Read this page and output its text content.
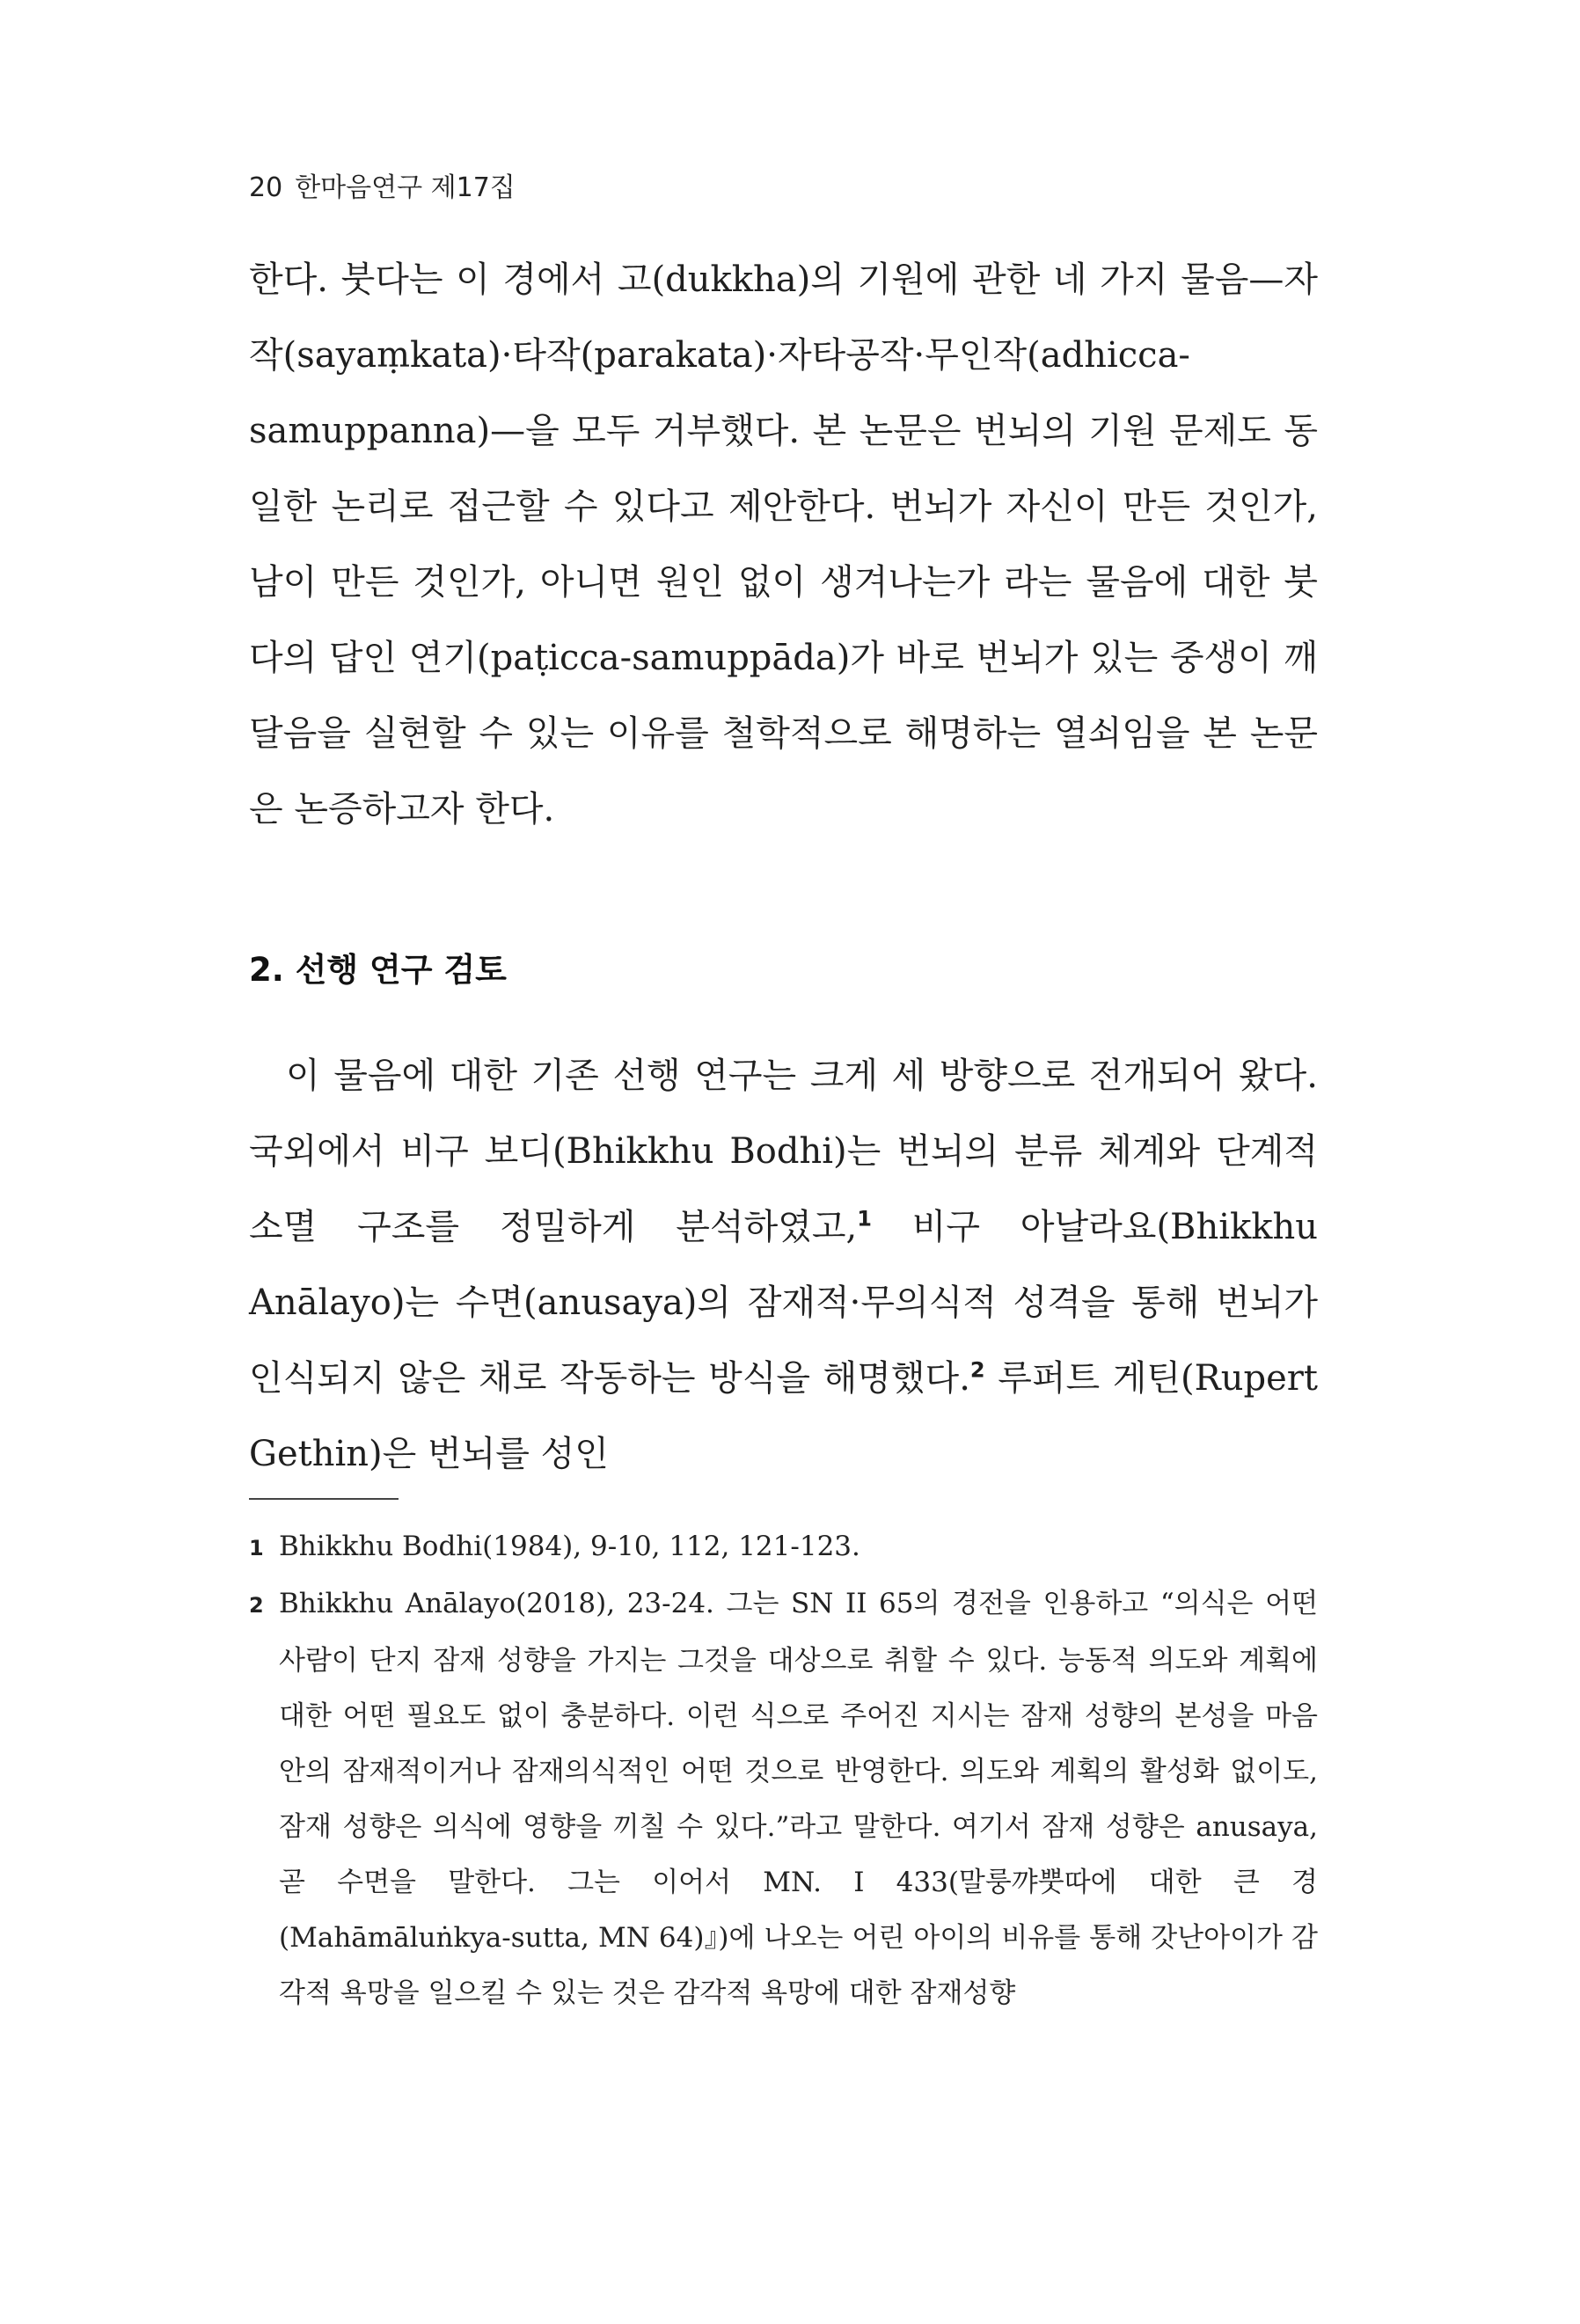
20 한마음연구 제17집

한다. 붓다는 이 경에서 고(dukkha)의 기원에 관한 네 가지 물음—자작(sayaṃkata)·타작(parakata)·자타공작·무인작(adhicca-samuppanna)—을 모두 거부했다. 본 논문은 번뇌의 기원 문제도 동일한 논리로 접근할 수 있다고 제안한다. 번뇌가 자신이 만든 것인가, 남이 만든 것인가, 아니면 원인 없이 생겨나는가 라는 물음에 대한 붓다의 답인 연기(paṭicca-samuppāda)가 바로 번뇌가 있는 중생이 깨달음을 실현할 수 있는 이유를 철학적으로 해명하는 열쇠임을 본 논문은 논증하고자 한다.

2. 선행 연구 검토

이 물음에 대한 기존 선행 연구는 크게 세 방향으로 전개되어 왔다. 국외에서 비구 보디(Bhikkhu Bodhi)는 번뇌의 분류 체계와 단계적 소멸 구조를 정밀하게 분석하였고,$^1$ 비구 아날라요(Bhikkhu Anālayo)는 수면(anusaya)의 잠재적·무의식적 성격을 통해 번뇌가 인식되지 않은 채로 작동하는 방식을 해명했다.$^2$ 루퍼트 게틴(Rupert Gethin)은 번뇌를 성인

1 Bhikkhu Bodhi(1984), 9-10, 112, 121-123.

2 Bhikkhu Anālayo(2018), 23-24. 그는 SN II 65의 경전을 인용하고 “의식은 어떤 사람이 단지 잠재 성향을 가지는 그것을 대상으로 취할 수 있다. 능동적 의도와 계획에 대한 어떤 필요도 없이 충분하다. 이런 식으로 주어진 지시는 잠재 성향의 본성을 마음 안의 잠재적이거나 잠재의식적인 어떤 것으로 반영한다. 의도와 계획의 활성화 없이도, 잠재 성향은 의식에 영향을 끼칠 수 있다.”라고 말한다. 여기서 잠재 성향은 anusaya, 곧 수면을 말한다. 그는 이어서 MN. I 433(말룽꺄뿟따에 대한 큰 경(Mahāmāluṅkya-sutta, MN 64)』)에 나오는 어린 아이의 비유를 통해 갓난아이가 감각적 욕망을 일으킬 수 있는 것은 감각적 욕망에 대한 잠재성향
